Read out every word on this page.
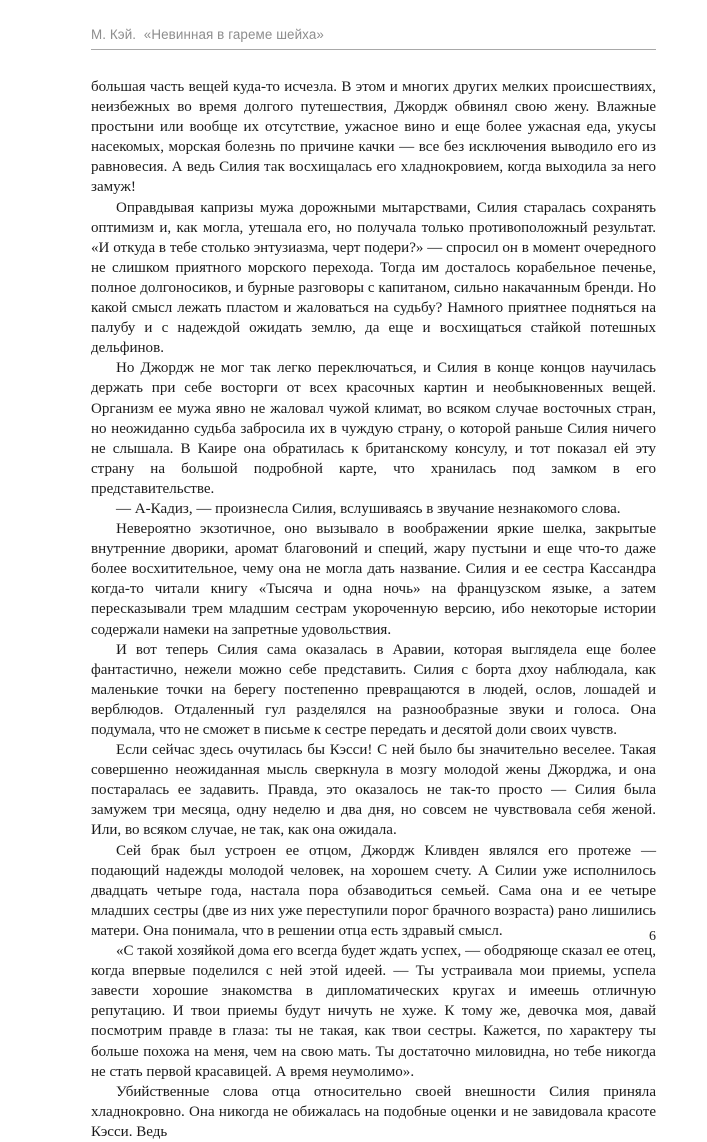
М. Кэй. «Невинная в гареме шейха»

большая часть вещей куда-то исчезла. В этом и многих других мелких происшествиях, неизбежных во время долгого путешествия, Джордж обвинял свою жену. Влажные простыни или вообще их отсутствие, ужасное вино и еще более ужасная еда, укусы насекомых, морская болезнь по причине качки — все без исключения выводило его из равновесия. А ведь Силия так восхищалась его хладнокровием, когда выходила за него замуж!

Оправдывая капризы мужа дорожными мытарствами, Силия старалась сохранять оптимизм и, как могла, утешала его, но получала только противоположный результат. «И откуда в тебе столько энтузиазма, черт подери?» — спросил он в момент очередного не слишком приятного морского перехода. Тогда им досталось корабельное печенье, полное долгоносиков, и бурные разговоры с капитаном, сильно накачанным бренди. Но какой смысл лежать пластом и жаловаться на судьбу? Намного приятнее подняться на палубу и с надеждой ожидать землю, да еще и восхищаться стайкой потешных дельфинов.

Но Джордж не мог так легко переключаться, и Силия в конце концов научилась держать при себе восторги от всех красочных картин и необыкновенных вещей. Организм ее мужа явно не жаловал чужой климат, во всяком случае восточных стран, но неожиданно судьба забросила их в чуждую страну, о которой раньше Силия ничего не слышала. В Каире она обратилась к британскому консулу, и тот показал ей эту страну на большой подробной карте, что хранилась под замком в его представительстве.

— А-Кадиз, — произнесла Силия, вслушиваясь в звучание незнакомого слова.

Невероятно экзотичное, оно вызывало в воображении яркие шелка, закрытые внутренние дворики, аромат благовоний и специй, жару пустыни и еще что-то даже более восхитительное, чему она не могла дать название. Силия и ее сестра Кассандра когда-то читали книгу «Тысяча и одна ночь» на французском языке, а затем пересказывали трем младшим сестрам укороченную версию, ибо некоторые истории содержали намеки на запретные удовольствия.

И вот теперь Силия сама оказалась в Аравии, которая выглядела еще более фантастично, нежели можно себе представить. Силия с борта дхоу наблюдала, как маленькие точки на берегу постепенно превращаются в людей, ослов, лошадей и верблюдов. Отдаленный гул разделялся на разнообразные звуки и голоса. Она подумала, что не сможет в письме к сестре передать и десятой доли своих чувств.

Если сейчас здесь очутилась бы Кэсси! С ней было бы значительно веселее. Такая совершенно неожиданная мысль сверкнула в мозгу молодой жены Джорджа, и она постаралась ее задавить. Правда, это оказалось не так-то просто — Силия была замужем три месяца, одну неделю и два дня, но совсем не чувствовала себя женой. Или, во всяком случае, не так, как она ожидала.

Сей брак был устроен ее отцом, Джордж Кливден являлся его протеже — подающий надежды молодой человек, на хорошем счету. А Силии уже исполнилось двадцать четыре года, настала пора обзаводиться семьей. Сама она и ее четыре младших сестры (две из них уже переступили порог брачного возраста) рано лишились матери. Она понимала, что в решении отца есть здравый смысл.

«С такой хозяйкой дома его всегда будет ждать успех, — ободряюще сказал ее отец, когда впервые поделился с ней этой идеей. — Ты устраивала мои приемы, успела завести хорошие знакомства в дипломатических кругах и имеешь отличную репутацию. И твои приемы будут ничуть не хуже. К тому же, девочка моя, давай посмотрим правде в глаза: ты не такая, как твои сестры. Кажется, по характеру ты больше похожа на меня, чем на свою мать. Ты достаточно миловидна, но тебе никогда не стать первой красавицей. А время неумолимо».

Убийственные слова отца относительно своей внешности Силия приняла хладнокровно. Она никогда не обижалась на подобные оценки и не завидовала красоте Кэсси. Ведь

6
